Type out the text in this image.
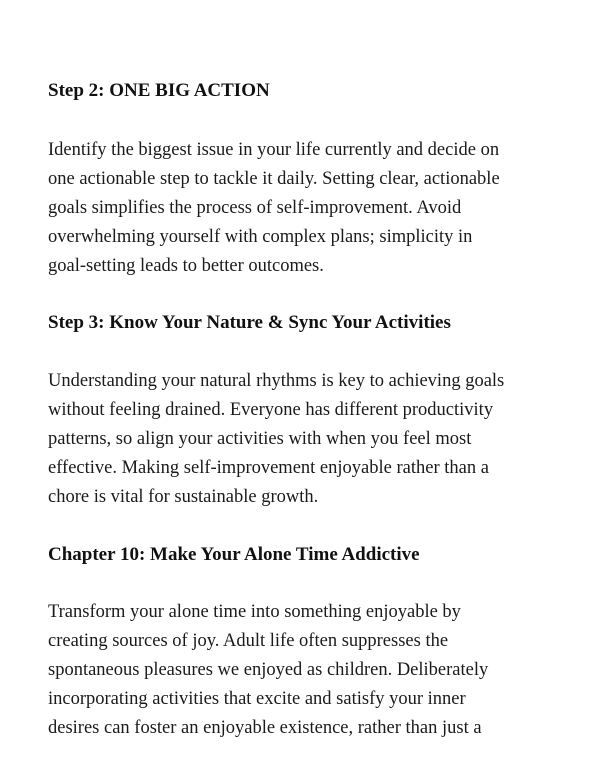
Step 2: ONE BIG ACTION
Identify the biggest issue in your life currently and decide on
one actionable step to tackle it daily. Setting clear, actionable
goals simplifies the process of self-improvement. Avoid
overwhelming yourself with complex plans; simplicity in
goal-setting leads to better outcomes.
Step 3: Know Your Nature & Sync Your Activities
Understanding your natural rhythms is key to achieving goals
without feeling drained. Everyone has different productivity
patterns, so align your activities with when you feel most
effective. Making self-improvement enjoyable rather than a
chore is vital for sustainable growth.
Chapter 10: Make Your Alone Time Addictive
Transform your alone time into something enjoyable by
creating sources of joy. Adult life often suppresses the
spontaneous pleasures we enjoyed as children. Deliberately
incorporating activities that excite and satisfy your inner
desires can foster an enjoyable existence, rather than just a
